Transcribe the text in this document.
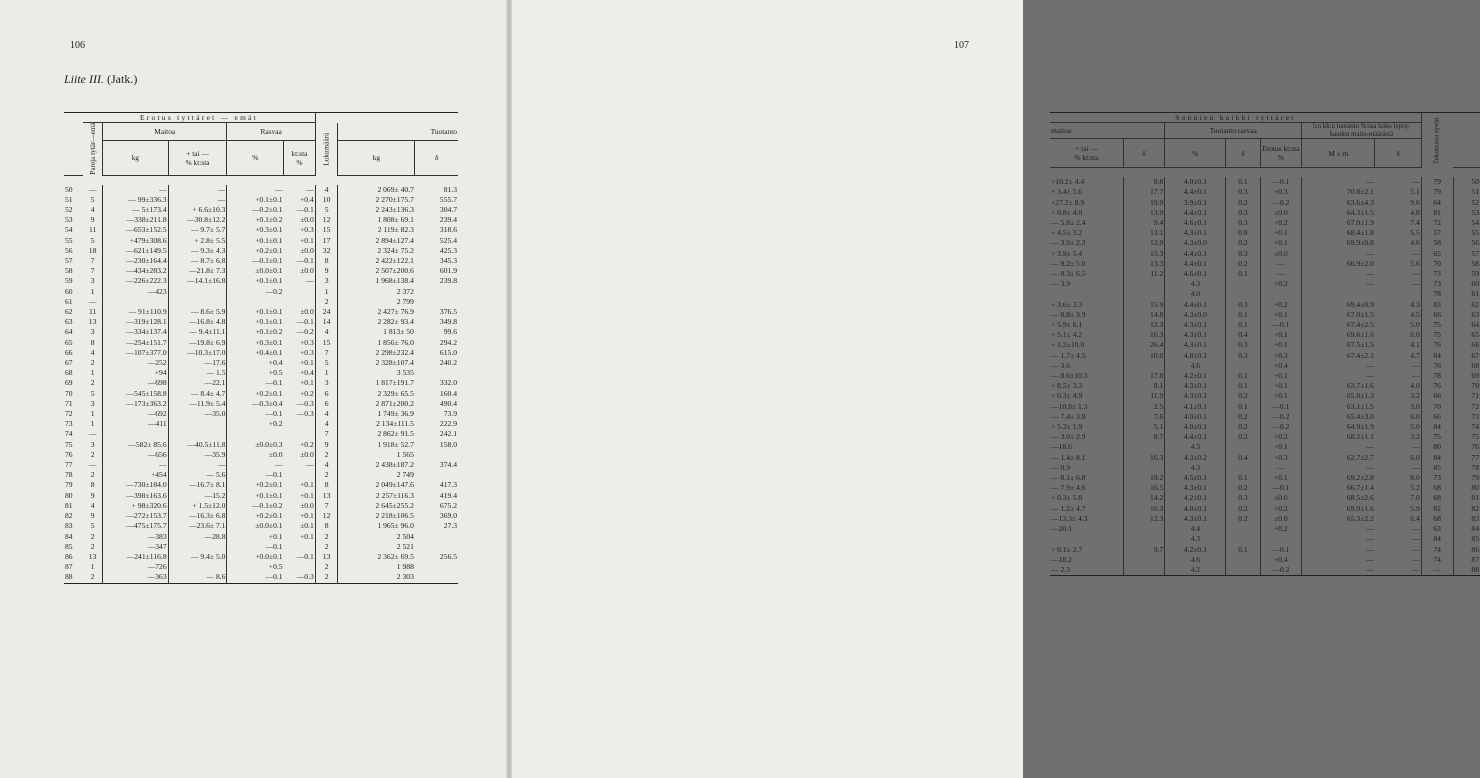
106
Liite III. (Jatk.)
	Erotus tyttäret — emät							
	Pareja tytär—emä	Maitoa		Rasvaa		Lukumäärä	Tuotanto	
		kg	+ tai —
% kt:sta	%	kt:sta
%		kg	δ

50	—	—	—	—	—	4	2 069± 40.7	81.3
51	5	— 99±336.3	—	+0.1±0.1	+0.4	10	2 270±175.7	555.7
52	4	— 5±173.4	+ 6.6±10.3	—0.2±0.1	—0.1	5	2 243±136.3	304.7
53	9	—338±211.8	—30.8±12.2	+0.1±0.2	±0.0	12	1 808± 69.1	239.4
54	11	—653±152.5	— 9.7± 5.7	+0.3±0.1	+0.3	15	2 119± 82.3	318.6
55	5	+479±308.6	+ 2.8± 5.5	+0.1±0.1	+0.1	17	2 894±127.4	525.4
56	18	—621±149.5	— 9.3± 4.3	+0.2±0.1	±0.0	32	2 324± 75.2	425.3
57	7	—230±164.4	— 8.7± 6.8	—0.1±0.1	—0.1	8	2 422±122.1	345.3
58	7	—434±283.2	—21.8± 7.3	±0.0±0.1	±0.0	9	2 507±200.6	601.9
59	3	—226±222.3	—14.1±16.8	+0.1±0.1	—	3	1 968±138.4	239.8
60	1	—423		—0.2		1	2 372	
61	—					2	2 799	
62	11	— 91±110.9	— 8.6± 5.9	+0.1±0.1	±0.0	24	2 427± 76.9	376.5
63	13	—319±128.1	—16.8± 4.8	+0.1±0.1	—0.1	14	2 282± 93.4	349.8
64	3	—334±137.4	— 9.4±11.1	+0.1±0.2	—0.2	4	1 813± 50	99.6
65	8	—254±151.7	—19.8± 6.9	+0.3±0.1	+0.3	15	1 856± 76.0	294.2
66	4	—107±377.0	—10.3±17.0	+0.4±0.1	+0.3	7	2 298±232.4	615.0
67	2	—252	—17.6	+0.4	+0.1	5	2 328±107.4	240.2
68	1	+94	— 1.5	+0.5	+0.4	1	3 535	
69	2	—698	—22.1	—0.1	+0.1	3	1 817±191.7	332.0
70	5	—545±158.8	— 8.4± 4.7	+0.2±0.1	+0.2	6	2 329± 65.5	160.4
71	3	—173±363.2	—11.9± 5.4	—0.3±0.4	—0.3	6	2 871±200.2	490.4
72	1	—692	—35.0	—0.1	—0.3	4	1 749± 36.9	73.9
73	1	—411		+0.2		4	2 134±111.5	222.9
74	—					7	2 862± 91.5	242.1
75	3	—582± 85.6	—40.5±11.8	±0.0±0.3	+0.2	9	1 918± 52.7	158.0
76	2	—656	—35.9	±0.0	±0.0	2	1 565	
77	—	—	—	—	—	4	2 438±187.2	374.4
78	2	+454	— 5.6	—0.1		2	2 749	
79	8	—730±184.0	—16.7± 8.1	+0.2±0.1	+0.1	8	2 049±147.6	417.3
80	9	—398±163.6	—15.2	+0.1±0.1	+0.1	13	2 257±116.3	419.4
81	4	+ 98±320.6	+ 1.5±12.0	—0.1±0.2	±0.0	7	2 645±255.2	675.2
82	9	—272±153.7	—16.3± 6.8	+0.2±0.1	+0.1	12	2 218±106.5	369.0
83	5	—475±175.7	—23.6± 7.1	±0.0±0.1	±0.1	8	1 965± 96.0	27.3
84	2	—383	—28.8	+0.1	+0.1	2	2 504	
85	2	—347		—0.1		2	2 521	
86	13	—241±116.8	— 9.4± 5.0	+0.0±0.1	—0.1	13	2 362± 69.5	256.5
87	1	—726		+0.5		2	1 988	
88	2	—363	— 8.6	—0.1	—0.3	2	2 303	
107
Sonnien kaikki tyttäret							Tekotaisia syvin	
maitoa		Tuotanto rasvaa			5:n kk:n tuotanto %:ssa koko lypsy-kauden maito-määrästä			
+ tai —
% kt:sta	δ	%	δ	Erotus kt:sta
%	M ± m	δ		

+10.2± 4.4	8.8	4.0±0.1	0.1	—0.1	—	—	79	50
+ 3.4± 5.6	17.7	4.4±0.1	0.3	+0.3	70.8±2.1	5.1	79	51
+27.2± 8.9	19.9	3.9±0.1	0.2	—0.2	63.6±4.3	9.6	64	52
+ 0.8± 4.0	13.9	4.4±0.1	0.3	±0.0	64.3±1.5	4.8	81	53
— 5.8± 2.4	9.4	4.6±0.1	0.3	+0.2	67.0±1.9	7.4	72	54
+ 4.5± 3.2	13.1	4.3±0.1	0.8	+0.1	68.4±1.8	5.5	57	55
— 3.0± 2.3	12.9	4.3±0.0	0.2	+0.1	69.9±0.8	4.6	58	56
+ 3.9± 5.4	15.3	4.4±0.1	0.3	±0.0	—	—	65	57
— 9.2± 5.0	13.3	4.4±0.1	0.2	—	66.9±2.0	5.6	70	58
— 8.3± 6.5	11.2	4.6±0.1	0.1	—	—	—	73	59
— 3.9		4.3		+0.2	—	—	73	60
		4.0					78	61
+ 3.6± 3.3	15.9	4.4±0.1	0.3	+0.2	69.4±0.9	4.3	83	62
— 8.8± 3.9	14.8	4.3±0.0	0.1	+0.1	67.0±1.5	4.5	66	63
+ 5.9± 6.1	12.3	4.3±0.1	0.1	—0.1	67.4±2.5	5.0	75	64
+ 5.1± 4.2	16.3	4.3±0.1	0.4	+0.1	69.6±1.6	6.0	75	65
+ 1.2±10.0	26.4	4.3±0.1	0.3	+0.1	67.5±1.5	4.1	76	66
— 1.7± 4.5	10.0	4.8±0.1	0.3	+0.3	67.4±2.1	4.7	84	67
— 3.6		4.6		+0.4	—	—	76	68
— 8.6±10.3	17.8	4.2±0.1	0.1	+0.1	—	—	78	69
+ 8.5± 3.3	8.1	4.3±0.1	0.1	+0.1	63.7±1.6	4.0	76	70
+ 0.3± 4.9	11.9	4.3±0.1	0.2	+0.1	65.8±1.3	3.2	66	71
—10.8± 1.3	2.5	4.1±0.1	0.1	—0.1	63.1±1.5	3.0	70	72
— 7.4± 3.8	7.6	4.0±0.1	0.2	—0.2	65.4±3.0	6.0	66	73
+ 5.2± 1.9	5.1	4.0±0.1	0.2	—0.2	64.9±1.9	5.0	84	74
— 3.0± 2.9	8.7	4.4±0.1	0.2	+0.2	68.2±1.1	3.2	75	75
—18.6		4.3		+0.1	—	—	80	76
— 1.4± 8.1	16.3	4.3±0.2	0.4	+0.3	62.7±2.7	6.0	84	77
— 0.9		4.3		—	—	—	85	78
— 8.1± 6.8	19.2	4.5±0.1	0.1	+0.1	69.2±2.8	8.0	73	79
— 7.9± 4.6	16.5	4.3±0.1	0.2	—0.1	66.7±1.4	5.2	68	80
+ 0.3± 5.8	14.2	4.2±0.1	0.3	±0.0	68.5±2.6	7.0	68	81
— 1.2± 4.7	16.3	4.0±0.1	0.2	+0.2	69.9±1.6	5.9	82	82
—13.3± 4.3	12.3	4.3±0.1	0.2	±0.0	65.3±2.2	6.4	68	83
—20.1		4.4		+0.2	—	—	63	84
		4.3			—	—	84	85
+ 0.1± 2.7	9.7	4.2±0.1	0.1	—0.1	—	—	74	86
—18.2		4.6		+0.4	—	—	74	87
— 2.3		4.2		—0.2	—	—	—	88
